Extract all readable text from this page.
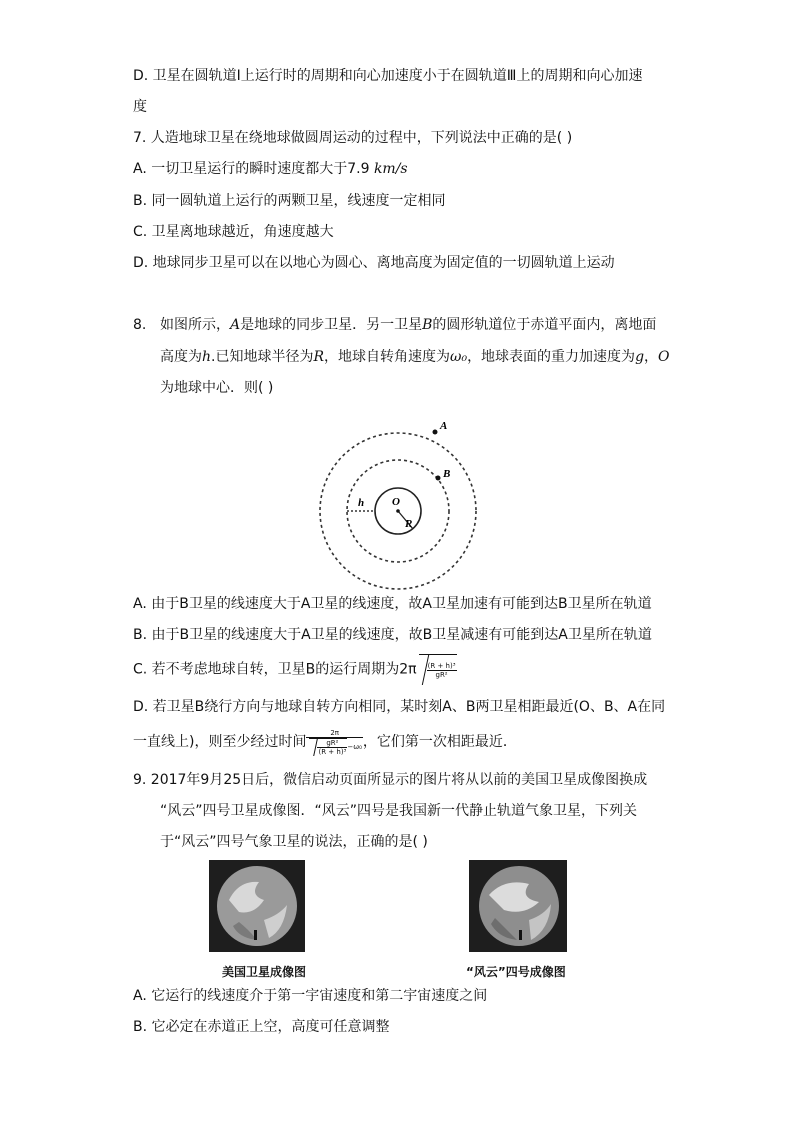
D. 卫星在圆轨道Ⅰ上运行时的周期和向心加速度小于在圆轨道Ⅲ上的周期和向心加速
度
7. 人造地球卫星在绕地球做圆周运动的过程中，下列说法中正确的是( )
A. 一切卫星运行的瞬时速度都大于7.9 km/s
B. 同一圆轨道上运行的两颗卫星，线速度一定相同
C. 卫星离地球越近，角速度越大
D. 地球同步卫星可以在以地心为圆心、离地高度为固定值的一切圆轨道上运动
8. 如图所示，A是地球的同步卫星．另一卫星B的圆形轨道位于赤道平面内，离地面
高度为h.已知地球半径为R，地球自转角速度为ω₀，地球表面的重力加速度为g，O
为地球中心．则( )
A
B
O
R
h
A. 由于B卫星的线速度大于A卫星的线速度，故A卫星加速有可能到达B卫星所在轨道
B. 由于B卫星的线速度大于A卫星的线速度，故B卫星减速有可能到达A卫星所在轨道
C. 若不考虑地球自转，卫星B的运行周期为$2\pi \frac{\text{(R + h)³}}{\text{gR²}}$
D. 若卫星B绕行方向与地球自转方向相同，某时刻A、B两卫星相距最近(O、B、A在同
一直线上)，则至少经过时间 $\frac{2\pi}{\frac{\text{gR²}}{\text{(R + h)³}} -\omega_0}$ ，它们第一次相距最近．
9. 2017年9月25日后，微信启动页面所显示的图片将从以前的美国卫星成像图换成
“风云”四号卫星成像图．“风云”四号是我国新一代静止轨道气象卫星，下列关
于“风云”四号气象卫星的说法，正确的是( )
美国卫星成像图	“风云”四号成像图
A. 它运行的线速度介于第一宇宙速度和第二宇宙速度之间
B. 它必定在赤道正上空，高度可任意调整
